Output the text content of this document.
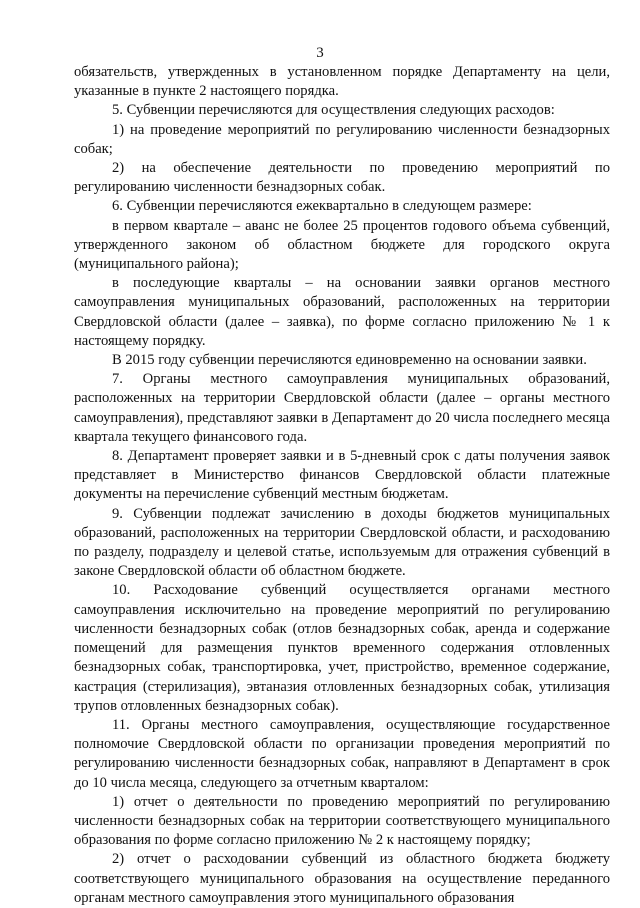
3

обязательств, утвержденных в установленном порядке Департаменту на цели, указанные в пункте 2 настоящего порядка.

5. Субвенции перечисляются для осуществления следующих расходов:

1) на проведение мероприятий по регулированию численности безнадзорных собак;

2) на обеспечение деятельности по проведению мероприятий по регулированию численности безнадзорных собак.

6. Субвенции перечисляются ежеквартально в следующем размере:

в первом квартале – аванс не более 25 процентов годового объема субвенций, утвержденного законом об областном бюджете для городского округа (муниципального района);

в последующие кварталы – на основании заявки органов местного самоуправления муниципальных образований, расположенных на территории Свердловской области (далее – заявка), по форме согласно приложению № 1 к настоящему порядку.

В 2015 году субвенции перечисляются единовременно на основании заявки.

7. Органы местного самоуправления муниципальных образований, расположенных на территории Свердловской области (далее – органы местного самоуправления), представляют заявки в Департамент до 20 числа последнего месяца квартала текущего финансового года.

8. Департамент проверяет заявки и в 5-дневный срок с даты получения заявок представляет в Министерство финансов Свердловской области платежные документы на перечисление субвенций местным бюджетам.

9. Субвенции подлежат зачислению в доходы бюджетов муниципальных образований, расположенных на территории Свердловской области, и расходованию по разделу, подразделу и целевой статье, используемым для отражения субвенций в законе Свердловской области об областном бюджете.

10. Расходование субвенций осуществляется органами местного самоуправления исключительно на проведение мероприятий по регулированию численности безнадзорных собак (отлов безнадзорных собак, аренда и содержание помещений для размещения пунктов временного содержания отловленных безнадзорных собак, транспортировка, учет, пристройство, временное содержание, кастрация (стерилизация), эвтаназия отловленных безнадзорных собак, утилизация трупов отловленных безнадзорных собак).

11. Органы местного самоуправления, осуществляющие государственное полномочие Свердловской области по организации проведения мероприятий по регулированию численности безнадзорных собак, направляют в Департамент в срок до 10 числа месяца, следующего за отчетным кварталом:

1) отчет о деятельности по проведению мероприятий по регулированию численности безнадзорных собак на территории соответствующего муниципального образования по форме согласно приложению № 2 к настоящему порядку;

2) отчет о расходовании субвенций из областного бюджета бюджету соответствующего муниципального образования на осуществление переданного органам местного самоуправления этого муниципального образования
